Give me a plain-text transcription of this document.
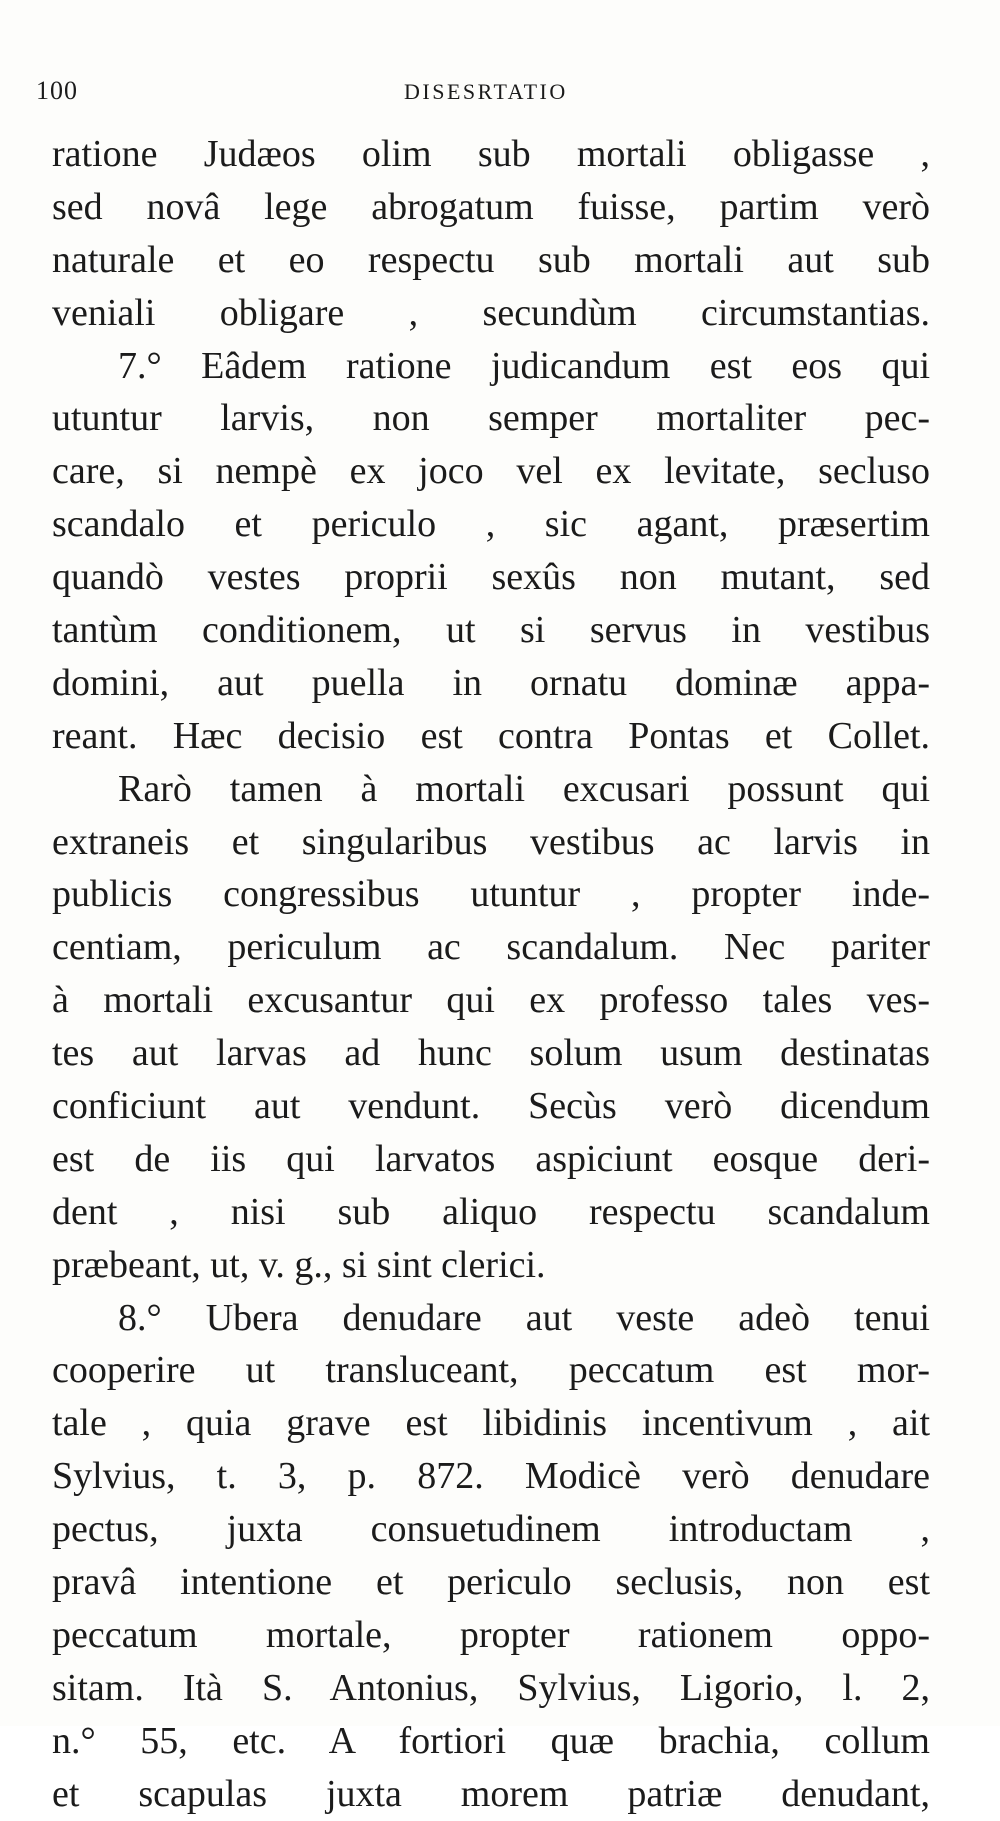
100	DISESRTATIO
ratione Judæos olim sub mortali obligasse ,
sed novâ lege abrogatum fuisse, partim verò
naturale et eo respectu sub mortali aut sub
veniali obligare , secundùm circumstantias.
7.° Eâdem ratione judicandum est eos qui
utuntur larvis, non semper mortaliter pec-
care, si nempè ex joco vel ex levitate, secluso
scandalo et periculo , sic agant, præsertim
quandò vestes proprii sexûs non mutant, sed
tantùm conditionem, ut si servus in vestibus
domini, aut puella in ornatu dominæ appa-
reant. Hæc decisio est contra Pontas et Collet.
Rarò tamen à mortali excusari possunt qui
extraneis et singularibus vestibus ac larvis in
publicis congressibus utuntur , propter inde-
centiam, periculum ac scandalum. Nec pariter
à mortali excusantur qui ex professo tales ves-
tes aut larvas ad hunc solum usum destinatas
conficiunt aut vendunt. Secùs verò dicendum
est de iis qui larvatos aspiciunt eosque deri-
dent , nisi sub aliquo respectu scandalum
præbeant, ut, v. g., si sint clerici.
8.° Ubera denudare aut veste adeò tenui
cooperire ut transluceant, peccatum est mor-
tale , quia grave est libidinis incentivum , ait
Sylvius, t. 3, p. 872. Modicè verò denudare
pectus, juxta consuetudinem introductam ,
pravâ intentione et periculo seclusis, non est
peccatum mortale, propter rationem oppo-
sitam. Ità S. Antonius, Sylvius, Ligorio, l. 2,
n.° 55, etc. A fortiori quæ brachia, collum
et scapulas juxta morem patriæ denudant,
